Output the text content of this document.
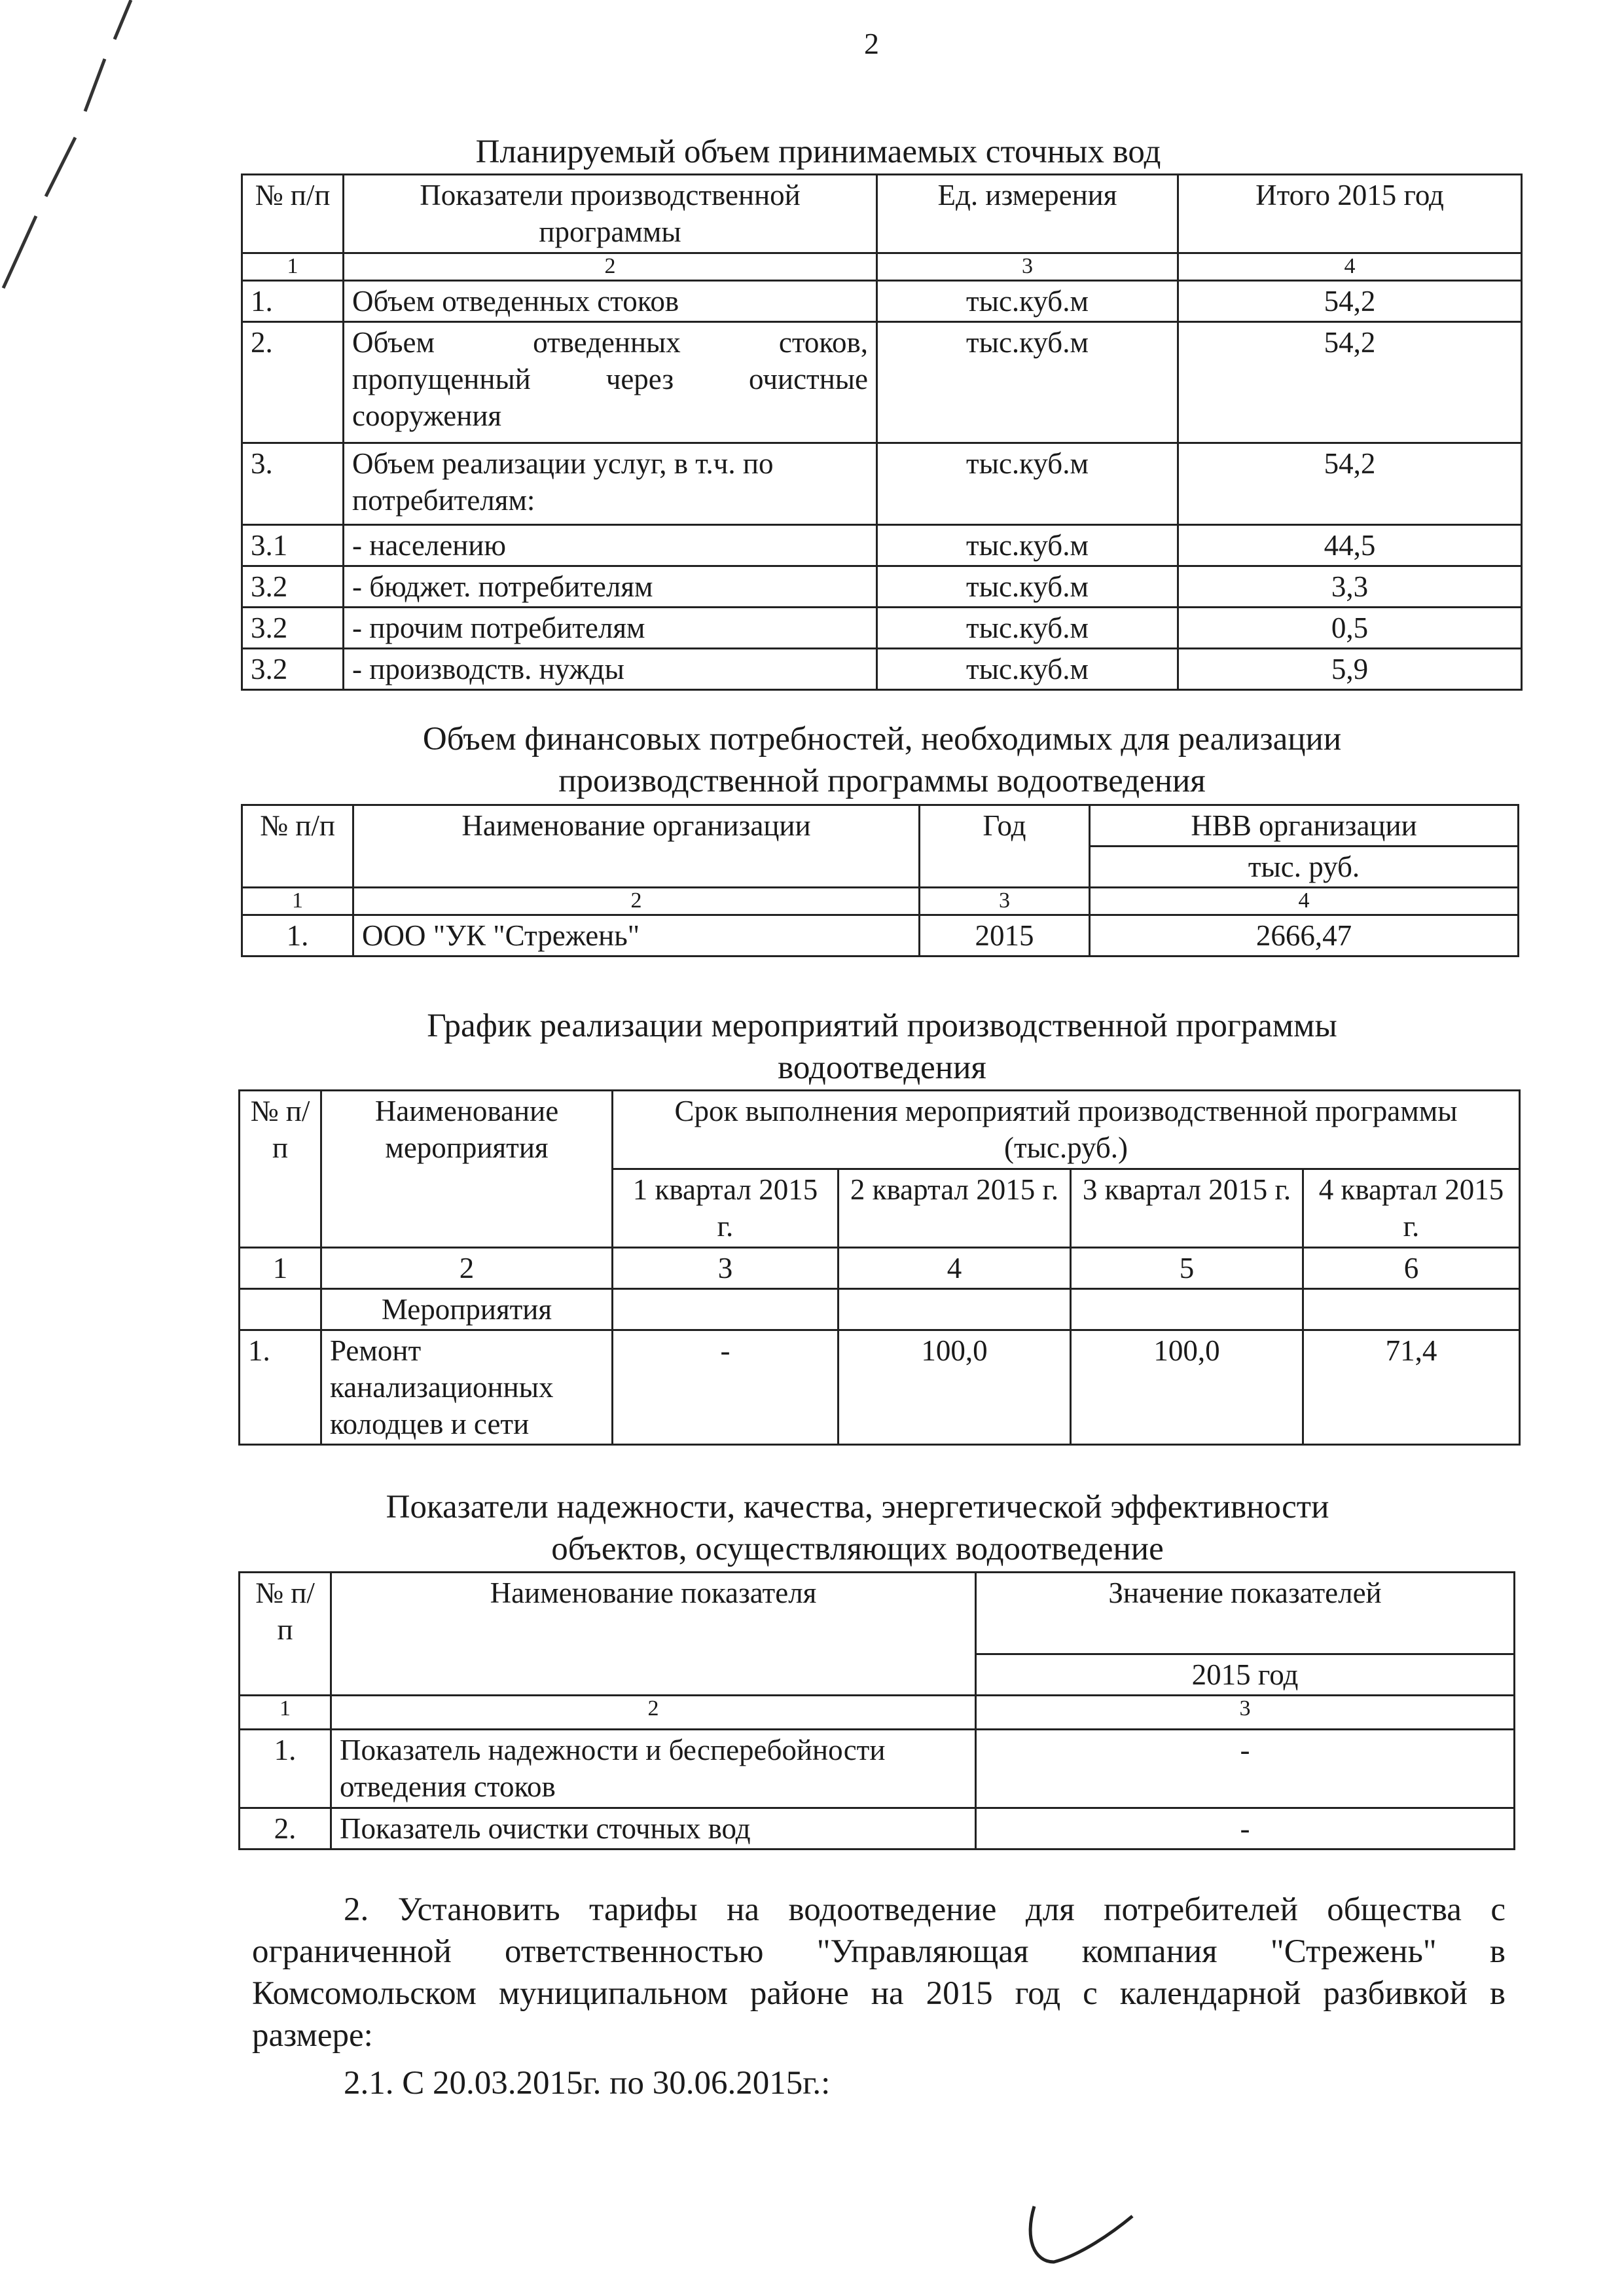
2
Планируемый объем принимаемых сточных вод
№ п/п	Показатели производственной программы	Ед. измерения	Итого 2015 год
1	2	3	4
1.	Объем отведенных стоков	тыс.куб.м	54,2
2.	Объем отведенных стоков,
пропущенный через очистные
сооружения	тыс.куб.м	54,2
3.	Объем реализации услуг, в т.ч. по
потребителям:	тыс.куб.м	54,2
3.1	- населению	тыс.куб.м	44,5
3.2	- бюджет. потребителям	тыс.куб.м	3,3
3.2	- прочим потребителям	тыс.куб.м	0,5
3.2	- производств. нужды	тыс.куб.м	5,9
Объем финансовых потребностей, необходимых для реализации
производственной программы водоотведения
№ п/п	Наименование организации	Год	НВВ организации
			тыс. руб.
1	2	3	4
1.	ООО "УК "Стрежень"	2015	2666,47
График реализации мероприятий производственной программы
водоотведения
№ п/п	Наименование мероприятия	Срок выполнения мероприятий производственной программы (тыс.руб.)			
		1 квартал 2015 г.	2 квартал 2015 г.	3 квартал 2015 г.	4 квартал 2015 г.
1	2	3	4	5	6
	Мероприятия				
1.	Ремонт канализационных колодцев и сети	-	100,0	100,0	71,4
Показатели надежности, качества, энергетической эффективности
объектов, осуществляющих водоотведение
№ п/п	Наименование показателя	Значение показателей
		2015 год
1	2	3
1.	Показатель надежности и бесперебойности отведения стоков	-
2.	Показатель очистки сточных вод	-
2. Установить тарифы на водоотведение для потребителей общества с ограниченной ответственностью "Управляющая компания "Стрежень" в Комсомольском муниципальном районе на 2015 год с календарной разбивкой в размере:
2.1. С 20.03.2015г. по 30.06.2015г.:
